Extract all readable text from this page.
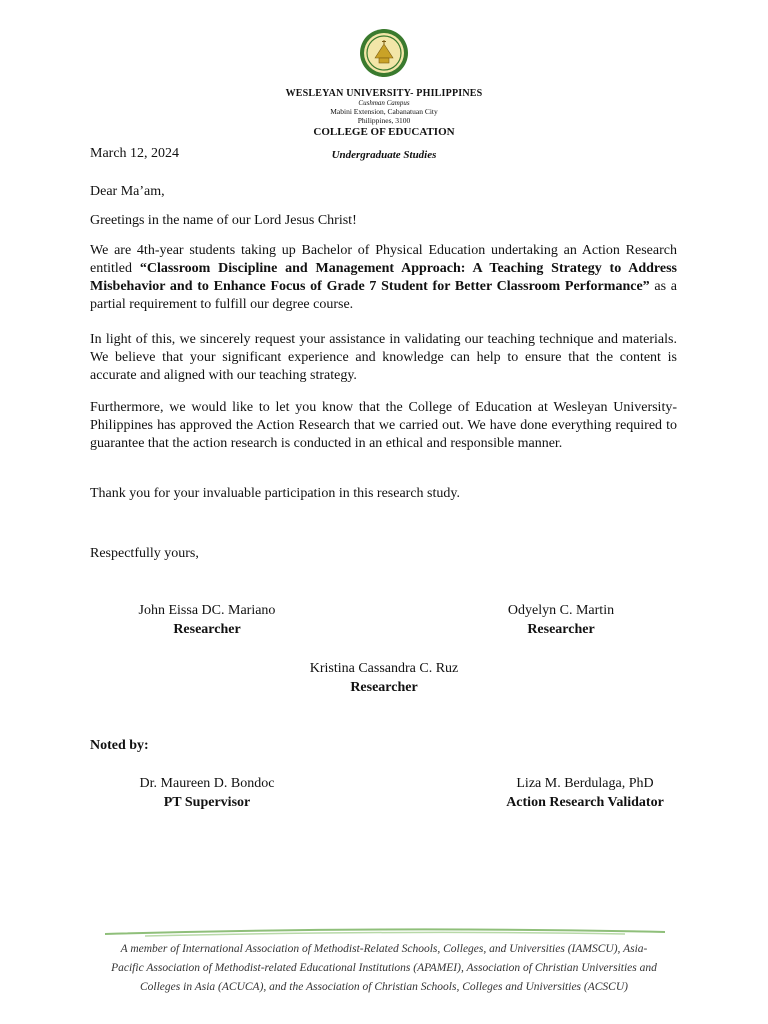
WESLEYAN UNIVERSITY- PHILIPPINES
Cushman Campus
Mabini Extension, Cabanatuan City
Philippines, 3100
COLLEGE OF EDUCATION
Undergraduate Studies
March 12, 2024
Dear Ma’am,
Greetings in the name of our Lord Jesus Christ!

We are 4th-year students taking up Bachelor of Physical Education undertaking an Action Research entitled “Classroom Discipline and Management Approach: A Teaching Strategy to Address Misbehavior and to Enhance Focus of Grade 7 Student for Better Classroom Performance” as a partial requirement to fulfill our degree course.

In light of this, we sincerely request your assistance in validating our teaching technique and materials. We believe that your significant experience and knowledge can help to ensure that the content is accurate and aligned with our teaching strategy.

Furthermore, we would like to let you know that the College of Education at Wesleyan University-Philippines has approved the Action Research that we carried out. We have done everything required to guarantee that the action research is conducted in an ethical and responsible manner.

Thank you for your invaluable participation in this research study.

Respectfully yours,
John Eissa DC. Mariano
Researcher
Odyelyn C. Martin
Researcher
Kristina Cassandra C. Ruz
Researcher
Noted by:
Dr. Maureen D. Bondoc
PT Supervisor
Liza M. Berdulaga, PhD
Action Research Validator
A member of International Association of Methodist-Related Schools, Colleges, and Universities (IAMSCU), Asia-
Pacific Association of Methodist-related Educational Institutions (APAMEI), Association of Christian Universities and
Colleges in Asia (ACUCA), and the Association of Christian Schools, Colleges and Universities (ACSCU)
